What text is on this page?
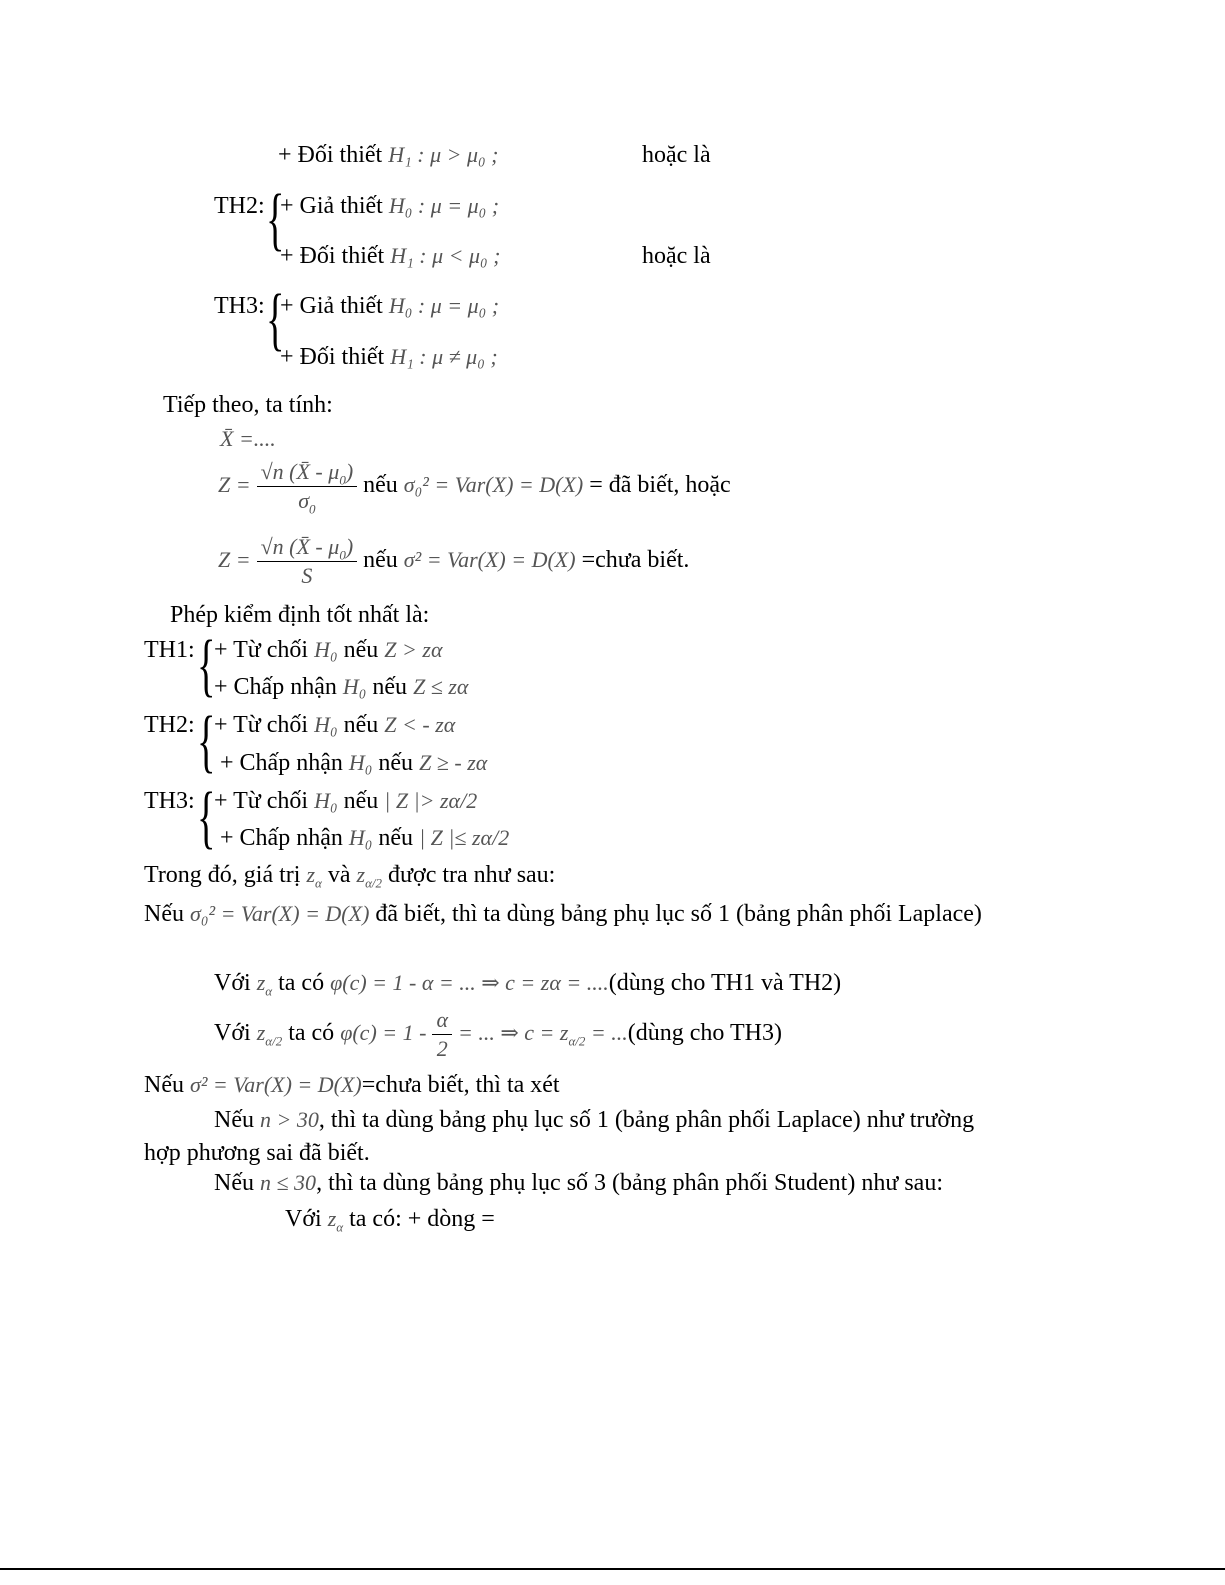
+ Đối thiết H₁ : μ > μ₀ ;	hoặc là
TH2: {
+ Giả thiết H₀ : μ = μ₀ ;
+ Đối thiết H₁ : μ < μ₀ ;	hoặc là
TH3: {
+ Giả thiết H₀ : μ = μ₀ ;
+ Đối thiết H₁ : μ ≠ μ₀ ;
Tiếp theo, ta tính:
X̄ =....
$Z = \frac{√n (X̄ - \mu_0)}{\sigma_0}$ nếu σ₀² = Var(X) = D(X) = đã biết, hoặc
$Z = \frac{√n (X̄ - \mu_0)}{S}$ nếu σ² = Var(X) = D(X) =chưa biết.
Phép kiểm định tốt nhất là:
TH1: {
+ Từ chối H₀ nếu Z > zα
+ Chấp nhận H₀ nếu Z ≤ zα
TH2: {
+ Từ chối H₀ nếu Z < - zα
+ Chấp nhận H₀ nếu Z ≥ - zα
TH3: {
+ Từ chối H₀ nếu | Z |> zα/2
+ Chấp nhận H₀ nếu | Z |≤ zα/2
Trong đó, giá trị $z_\alpha$ và $z_{\alpha/2}$ được tra như sau:
Nếu σ₀² = Var(X) = D(X) đã biết, thì ta dùng bảng phụ lục số 1 (bảng phân phối Laplace)
Với $z_\alpha$ ta có φ(c) = 1 - α = ... ⇒ c = zα = ....(dùng cho TH1 và TH2)
Với $z_{\alpha/2}$ ta có $\varphi(c) = 1 - \frac{\alpha}{2}$ = ... ⇒ $c = z_{\alpha/2}$ = ...(dùng cho TH3)
Nếu σ² = Var(X) = D(X)=chưa biết, thì ta xét
Nếu n > 30, thì ta dùng bảng phụ lục số 1 (bảng phân phối Laplace) như trường
hợp phương sai đã biết.
Nếu n ≤ 30, thì ta dùng bảng phụ lục số 3 (bảng phân phối Student) như sau:
Với $z_\alpha$ ta có: + dòng =
